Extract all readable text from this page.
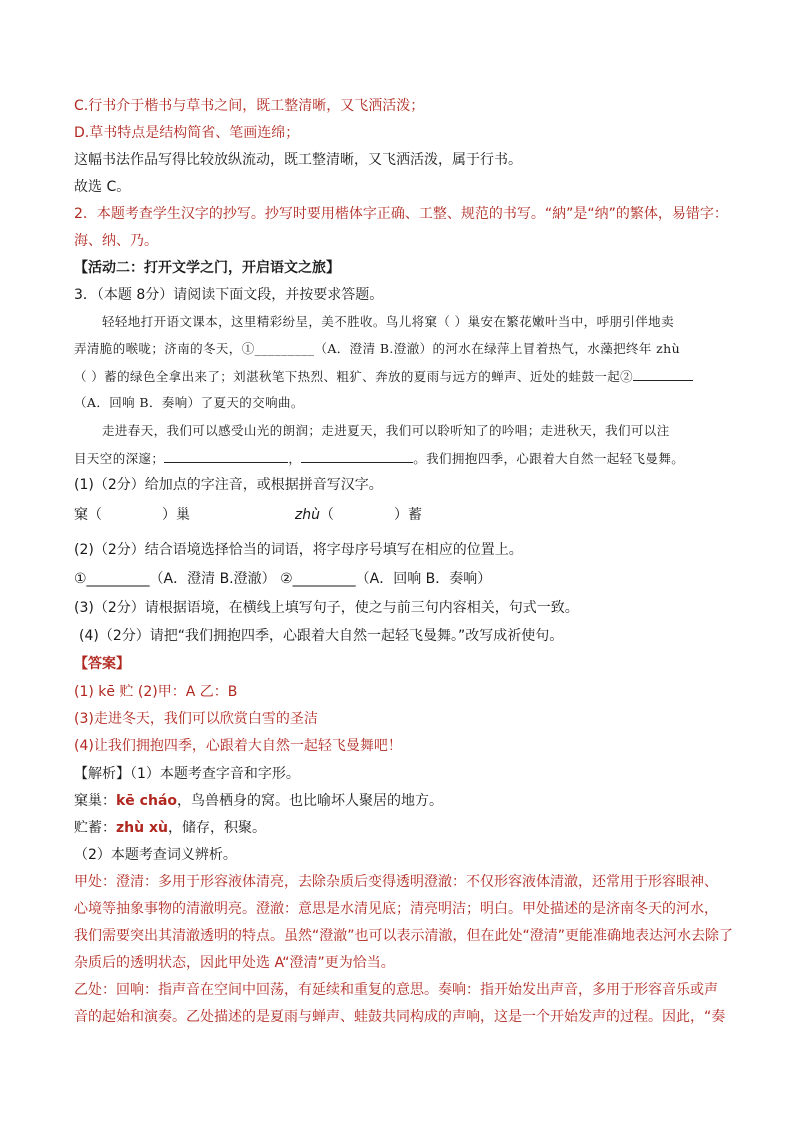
C.行书介于楷书与草书之间，既工整清晰，又飞洒活泼；
D.草书特点是结构简省、笔画连绵；
这幅书法作品写得比较放纵流动，既工整清晰，又飞洒活泼，属于行书。
故选 C。
2．本题考查学生汉字的抄写。抄写时要用楷体字正确、工整、规范的书写。“納”是“纳”的繁体，易错字：
海、纳、乃。
【活动二：打开文学之门，开启语文之旅】
3．（本题 8分）请阅读下面文段，并按要求答题。
轻轻地打开语文课本，这里精彩纷呈，美不胜收。鸟儿将窠（ ）巢安在繁花嫩叶当中，呼朋引伴地卖
弄清脆的喉咙；济南的冬天，①_________（A．澄清 B.澄澈）的河水在绿萍上冒着热气，水藻把终年 zhù
（ ）蓄的绿色全拿出来了；刘湛秋笔下热烈、粗犷、奔放的夏雨与远方的蝉声、近处的蛙鼓一起②
（A．回响 B．奏响）了夏天的交响曲。
走进春天，我们可以感受山光的朗润；走进夏天，我们可以聆听知了的吟唱；走进秋天，我们可以注
目天空的深邃；	，	。我们拥抱四季，心跟着大自然一起轻飞曼舞。
(1)（2分）给加点的字注音，或根据拼音写汉字。
窠（	）巢	zhù（	）蓄
(2)（2分）结合语境选择恰当的词语，将字母序号填写在相应的位置上。
①_________（A．澄清 B.澄澈） ②_________（A．回响 B．奏响）
(3)（2分）请根据语境，在横线上填写句子，使之与前三句内容相关，句式一致。
(4)（2分）请把“我们拥抱四季，心跟着大自然一起轻飞曼舞。”改写成祈使句。
【答案】
(1) kē 贮 (2)甲：A 乙：B
(3)走进冬天，我们可以欣赏白雪的圣洁
(4)让我们拥抱四季，心跟着大自然一起轻飞曼舞吧！
【解析】（1）本题考查字音和字形。
窠巢：kē cháo，鸟兽栖身的窝。也比喻坏人聚居的地方。
贮蓄：zhù xù，储存，积聚。
（2）本题考查词义辨析。
甲处：澄清：多用于形容液体清亮，去除杂质后变得透明澄澈：不仅形容液体清澈，还常用于形容眼神、
心境等抽象事物的清澈明亮。澄澈：意思是水清见底；清亮明洁；明白。甲处描述的是济南冬天的河水，
我们需要突出其清澈透明的特点。虽然“澄澈”也可以表示清澈，但在此处“澄清”更能准确地表达河水去除了
杂质后的透明状态，因此甲处选 A“澄清”更为恰当。
乙处：回响：指声音在空间中回荡，有延续和重复的意思。奏响：指开始发出声音，多用于形容音乐或声
音的起始和演奏。乙处描述的是夏雨与蝉声、蛙鼓共同构成的声响，这是一个开始发声的过程。因此，“奏
